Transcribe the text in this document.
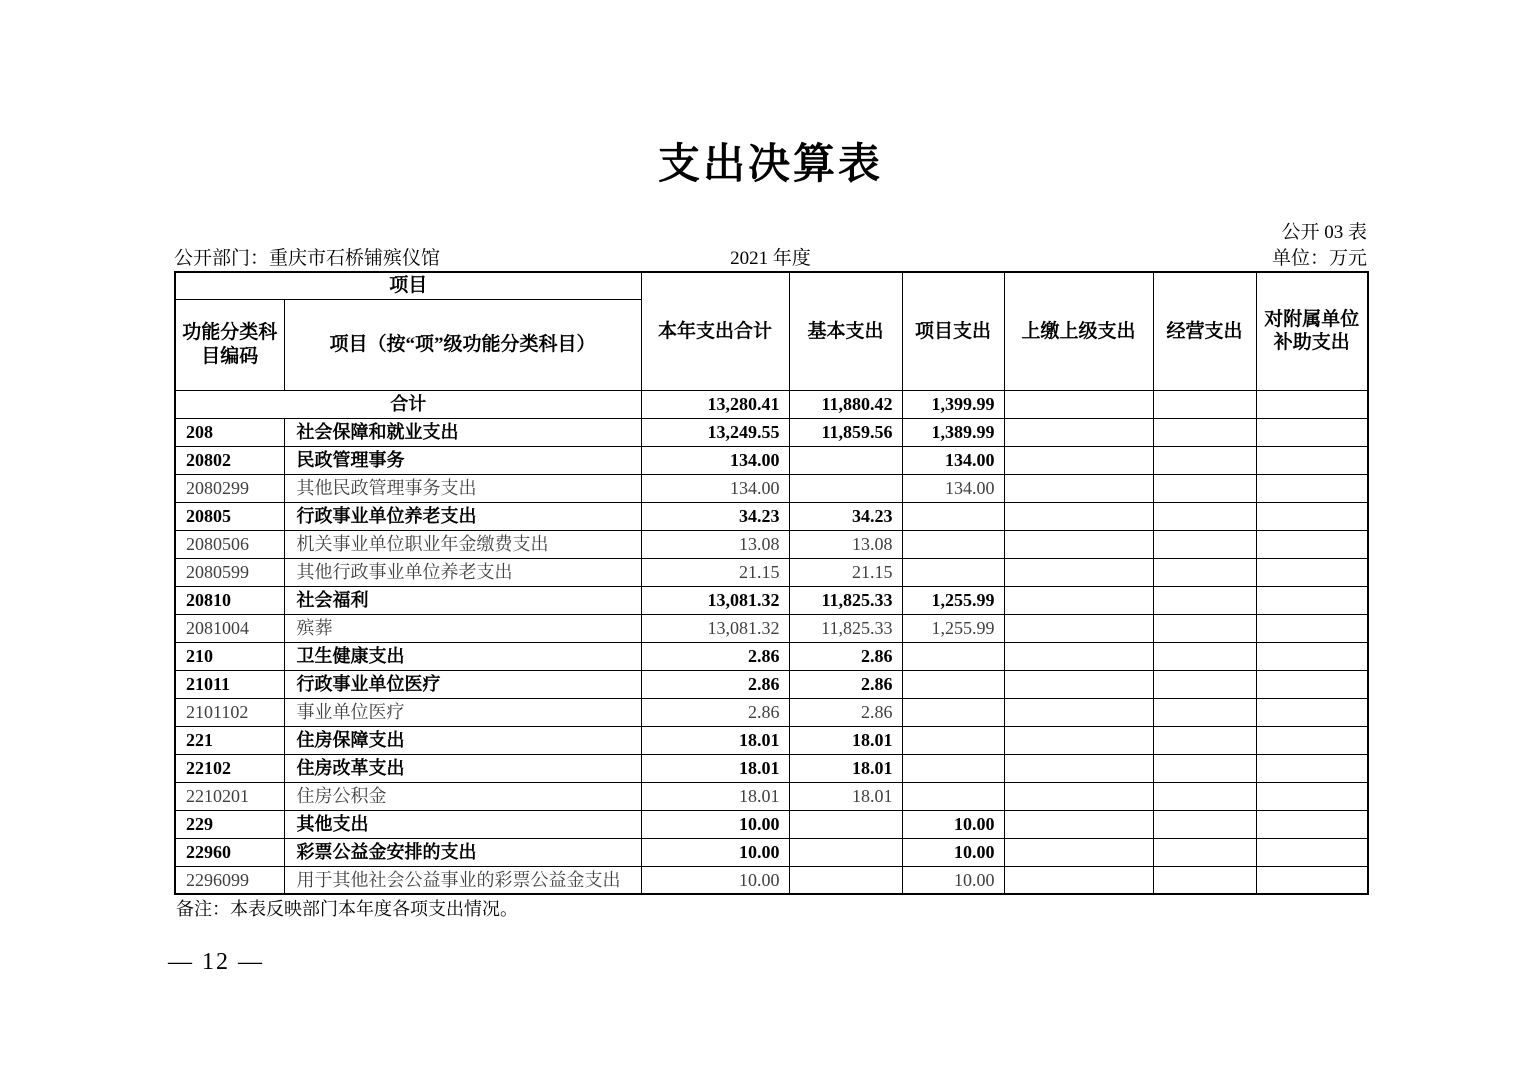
支出决算表
公开 03 表
公开部门：重庆市石桥铺殡仪馆	2021 年度	单位：万元
项目		本年支出合计	基本支出	项目支出	上缴上级支出	经营支出	对附属单位补助支出
功能分类科目编码	项目（按“项”级功能分类科目）						
合计		13,280.41	11,880.42	1,399.99			
208	社会保障和就业支出	13,249.55	11,859.56	1,389.99			
20802	民政管理事务	134.00		134.00			
2080299	其他民政管理事务支出	134.00		134.00			
20805	行政事业单位养老支出	34.23	34.23				
2080506	机关事业单位职业年金缴费支出	13.08	13.08				
2080599	其他行政事业单位养老支出	21.15	21.15				
20810	社会福利	13,081.32	11,825.33	1,255.99			
2081004	殡葬	13,081.32	11,825.33	1,255.99			
210	卫生健康支出	2.86	2.86				
21011	行政事业单位医疗	2.86	2.86				
2101102	事业单位医疗	2.86	2.86				
221	住房保障支出	18.01	18.01				
22102	住房改革支出	18.01	18.01				
2210201	住房公积金	18.01	18.01				
229	其他支出	10.00		10.00			
22960	彩票公益金安排的支出	10.00		10.00			
2296099	用于其他社会公益事业的彩票公益金支出	10.00		10.00			
备注：本表反映部门本年度各项支出情况。
— 12 —
